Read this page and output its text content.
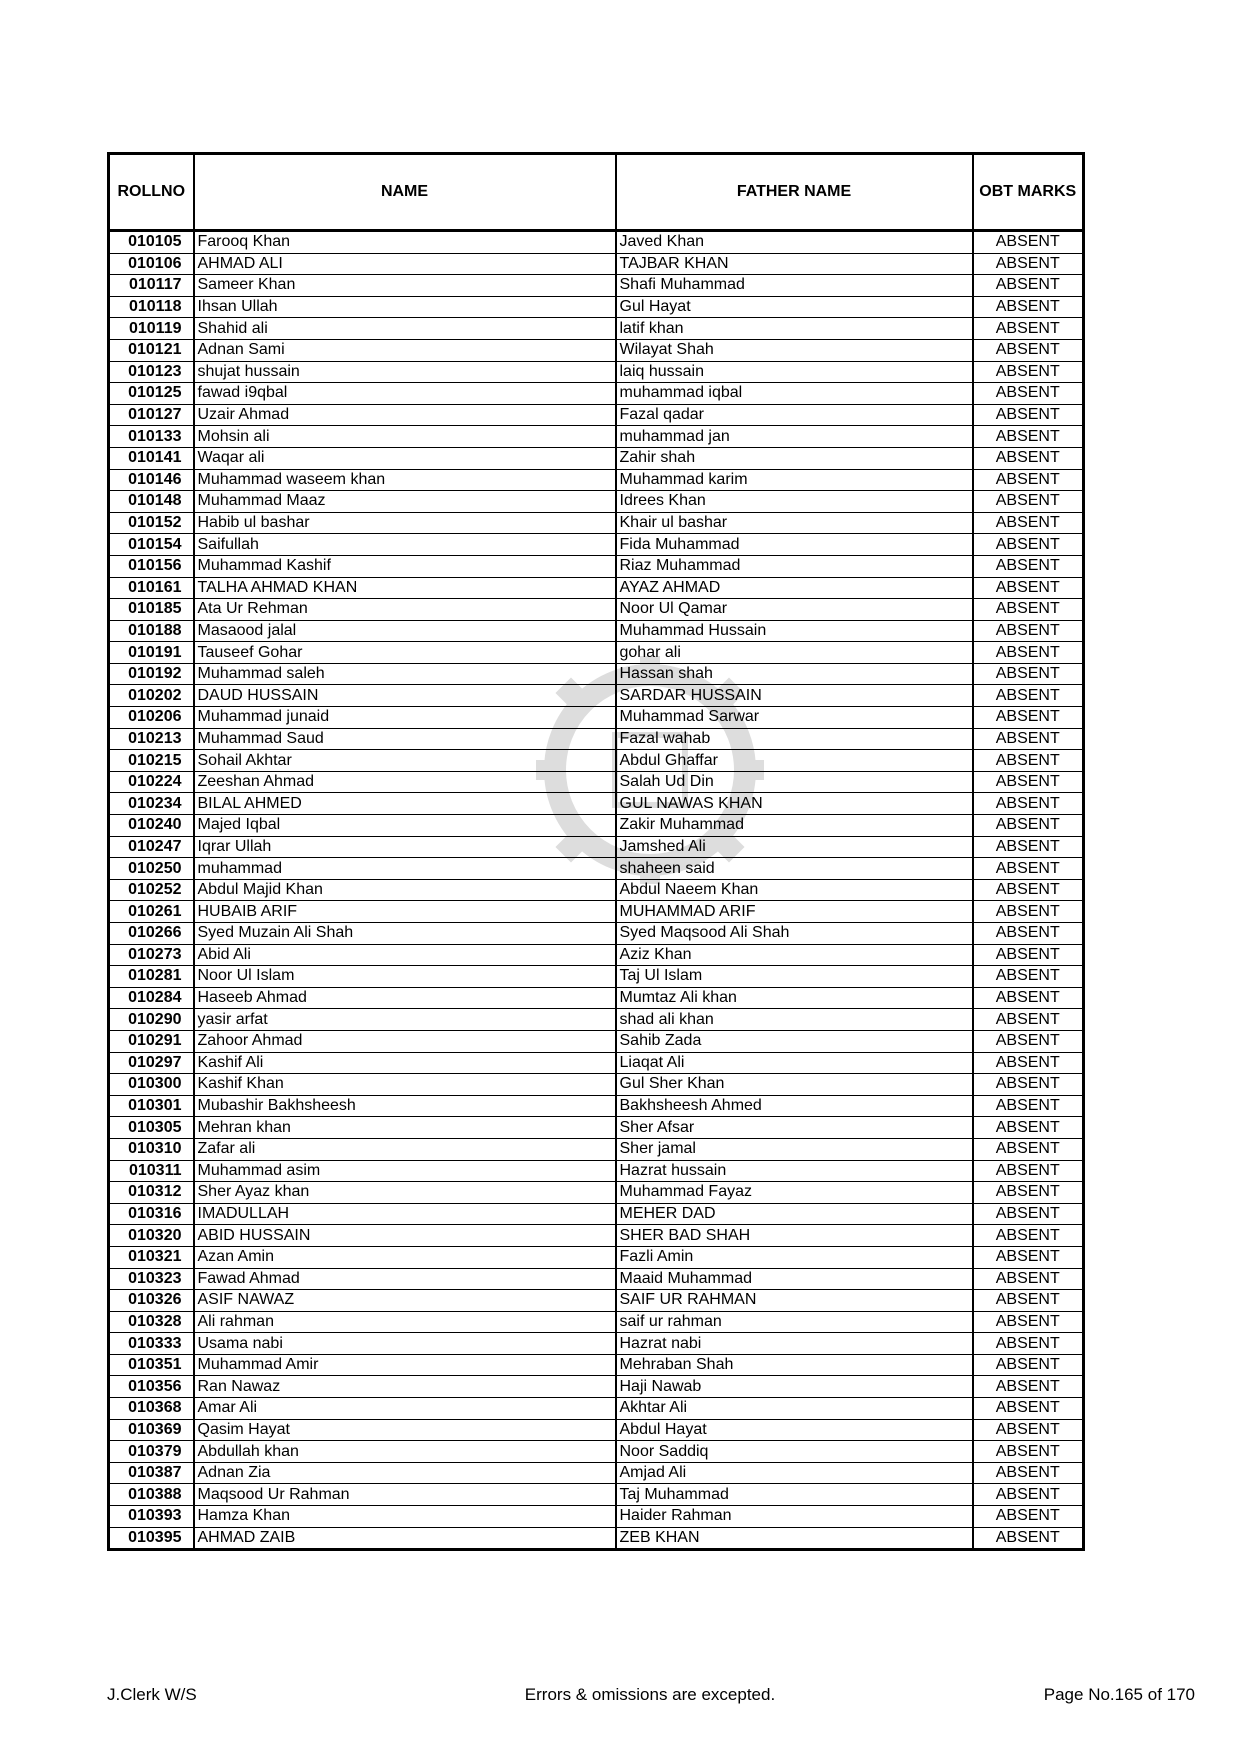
ROLLNO	NAME	FATHER NAME	OBT MARKS
010105	Farooq Khan	Javed Khan	ABSENT
010106	AHMAD ALI	TAJBAR KHAN	ABSENT
010117	Sameer Khan	Shafi Muhammad	ABSENT
010118	Ihsan Ullah	Gul Hayat	ABSENT
010119	Shahid ali	latif khan	ABSENT
010121	Adnan Sami	Wilayat Shah	ABSENT
010123	shujat hussain	laiq hussain	ABSENT
010125	fawad i9qbal	muhammad iqbal	ABSENT
010127	Uzair Ahmad	Fazal qadar	ABSENT
010133	Mohsin ali	muhammad jan	ABSENT
010141	Waqar ali	Zahir shah	ABSENT
010146	Muhammad waseem khan	Muhammad karim	ABSENT
010148	Muhammad Maaz	Idrees Khan	ABSENT
010152	Habib ul bashar	Khair ul bashar	ABSENT
010154	Saifullah	Fida Muhammad	ABSENT
010156	Muhammad Kashif	Riaz Muhammad	ABSENT
010161	TALHA AHMAD KHAN	AYAZ AHMAD	ABSENT
010185	Ata Ur Rehman	Noor Ul Qamar	ABSENT
010188	Masaood jalal	Muhammad Hussain	ABSENT
010191	Tauseef Gohar	gohar ali	ABSENT
010192	Muhammad saleh	Hassan shah	ABSENT
010202	DAUD HUSSAIN	SARDAR HUSSAIN	ABSENT
010206	Muhammad junaid	Muhammad Sarwar	ABSENT
010213	Muhammad Saud	Fazal wahab	ABSENT
010215	Sohail Akhtar	Abdul Ghaffar	ABSENT
010224	Zeeshan Ahmad	Salah Ud Din	ABSENT
010234	BILAL AHMED	GUL NAWAS KHAN	ABSENT
010240	Majed Iqbal	Zakir Muhammad	ABSENT
010247	Iqrar Ullah	Jamshed Ali	ABSENT
010250	muhammad	shaheen said	ABSENT
010252	Abdul Majid Khan	Abdul Naeem Khan	ABSENT
010261	HUBAIB ARIF	MUHAMMAD ARIF	ABSENT
010266	Syed Muzain Ali Shah	Syed Maqsood Ali Shah	ABSENT
010273	Abid Ali	Aziz Khan	ABSENT
010281	Noor Ul Islam	Taj Ul Islam	ABSENT
010284	Haseeb Ahmad	Mumtaz Ali khan	ABSENT
010290	yasir arfat	shad ali khan	ABSENT
010291	Zahoor Ahmad	Sahib Zada	ABSENT
010297	Kashif Ali	Liaqat Ali	ABSENT
010300	Kashif Khan	Gul Sher Khan	ABSENT
010301	Mubashir Bakhsheesh	Bakhsheesh Ahmed	ABSENT
010305	Mehran khan	Sher Afsar	ABSENT
010310	Zafar ali	Sher jamal	ABSENT
010311	Muhammad asim	Hazrat hussain	ABSENT
010312	Sher Ayaz khan	Muhammad Fayaz	ABSENT
010316	IMADULLAH	MEHER DAD	ABSENT
010320	ABID HUSSAIN	SHER BAD SHAH	ABSENT
010321	Azan Amin	Fazli Amin	ABSENT
010323	Fawad Ahmad	Maaid Muhammad	ABSENT
010326	ASIF NAWAZ	SAIF UR RAHMAN	ABSENT
010328	Ali rahman	saif ur rahman	ABSENT
010333	Usama nabi	Hazrat nabi	ABSENT
010351	Muhammad Amir	Mehraban Shah	ABSENT
010356	Ran Nawaz	Haji Nawab	ABSENT
010368	Amar Ali	Akhtar Ali	ABSENT
010369	Qasim Hayat	Abdul Hayat	ABSENT
010379	Abdullah khan	Noor Saddiq	ABSENT
010387	Adnan Zia	Amjad Ali	ABSENT
010388	Maqsood Ur Rahman	Taj Muhammad	ABSENT
010393	Hamza Khan	Haider Rahman	ABSENT
010395	AHMAD ZAIB	ZEB KHAN	ABSENT
J.Clerk W/S	Errors & omissions are excepted.	Page No.165 of 170
